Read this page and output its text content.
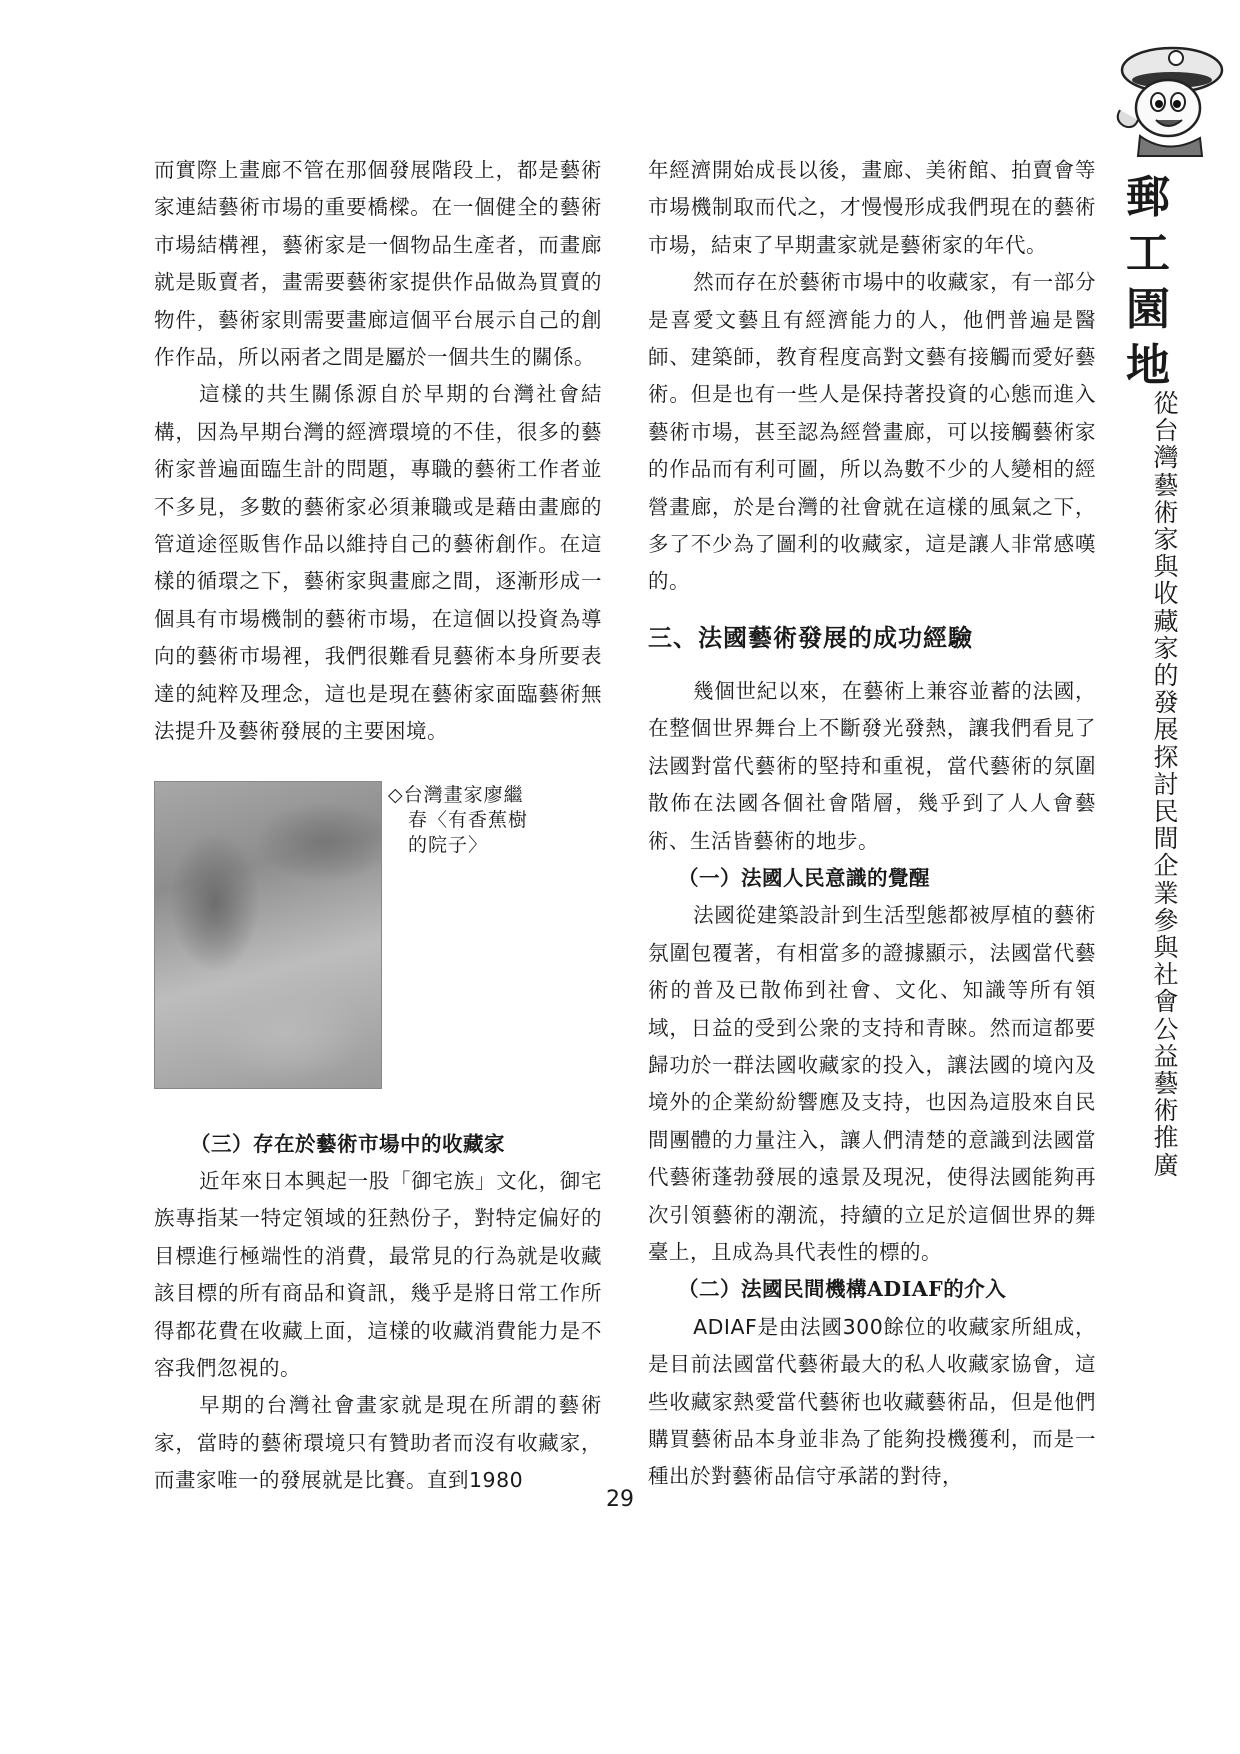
郵
工
園
地
從
台
灣
藝
術
家
與
收
藏
家
的
發
展
探
討
民
間
企
業
參
與
社
會
公
益
藝
術
推
廣

而實際上畫廊不管在那個發展階段上，都是藝術家連結藝術市場的重要橋樑。在一個健全的藝術市場結構裡，藝術家是一個物品生產者，而畫廊就是販賣者，畫需要藝術家提供作品做為買賣的物件，藝術家則需要畫廊這個平台展示自己的創作作品，所以兩者之間是屬於一個共生的關係。

這樣的共生關係源自於早期的台灣社會結構，因為早期台灣的經濟環境的不佳，很多的藝術家普遍面臨生計的問題，專職的藝術工作者並不多見，多數的藝術家必須兼職或是藉由畫廊的管道途徑販售作品以維持自己的藝術創作。在這樣的循環之下，藝術家與畫廊之間，逐漸形成一個具有市場機制的藝術市場，在這個以投資為導向的藝術市場裡，我們很難看見藝術本身所要表達的純粹及理念，這也是現在藝術家面臨藝術無法提升及藝術發展的主要困境。

◇台灣畫家廖繼
春〈有香蕉樹
的院子〉

（三）存在於藝術市場中的收藏家

近年來日本興起一股「御宅族」文化，御宅族專指某一特定領域的狂熱份子，對特定偏好的目標進行極端性的消費，最常見的行為就是收藏該目標的所有商品和資訊，幾乎是將日常工作所得都花費在收藏上面，這樣的收藏消費能力是不容我們忽視的。

早期的台灣社會畫家就是現在所謂的藝術家，當時的藝術環境只有贊助者而沒有收藏家，而畫家唯一的發展就是比賽。直到1980

年經濟開始成長以後，畫廊、美術館、拍賣會等市場機制取而代之，才慢慢形成我們現在的藝術市場，結束了早期畫家就是藝術家的年代。

然而存在於藝術市場中的收藏家，有一部分是喜愛文藝且有經濟能力的人，他們普遍是醫師、建築師，教育程度高對文藝有接觸而愛好藝術。但是也有一些人是保持著投資的心態而進入藝術市場，甚至認為經營畫廊，可以接觸藝術家的作品而有利可圖，所以為數不少的人變相的經營畫廊，於是台灣的社會就在這樣的風氣之下，多了不少為了圖利的收藏家，這是讓人非常感嘆的。

三、法國藝術發展的成功經驗

幾個世紀以來，在藝術上兼容並蓄的法國，在整個世界舞台上不斷發光發熱，讓我們看見了法國對當代藝術的堅持和重視，當代藝術的氛圍散佈在法國各個社會階層，幾乎到了人人會藝術、生活皆藝術的地步。

（一）法國人民意識的覺醒

法國從建築設計到生活型態都被厚植的藝術氛圍包覆著，有相當多的證據顯示，法國當代藝術的普及已散佈到社會、文化、知識等所有領域，日益的受到公衆的支持和青睞。然而這都要歸功於一群法國收藏家的投入，讓法國的境內及境外的企業紛紛響應及支持，也因為這股來自民間團體的力量注入，讓人們清楚的意識到法國當代藝術蓬勃發展的遠景及現況，使得法國能夠再次引領藝術的潮流，持續的立足於這個世界的舞臺上，且成為具代表性的標的。

（二）法國民間機構ADIAF的介入

ADIAF是由法國300餘位的收藏家所組成，是目前法國當代藝術最大的私人收藏家協會，這些收藏家熱愛當代藝術也收藏藝術品，但是他們購買藝術品本身並非為了能夠投機獲利，而是一種出於對藝術品信守承諾的對待，

29
